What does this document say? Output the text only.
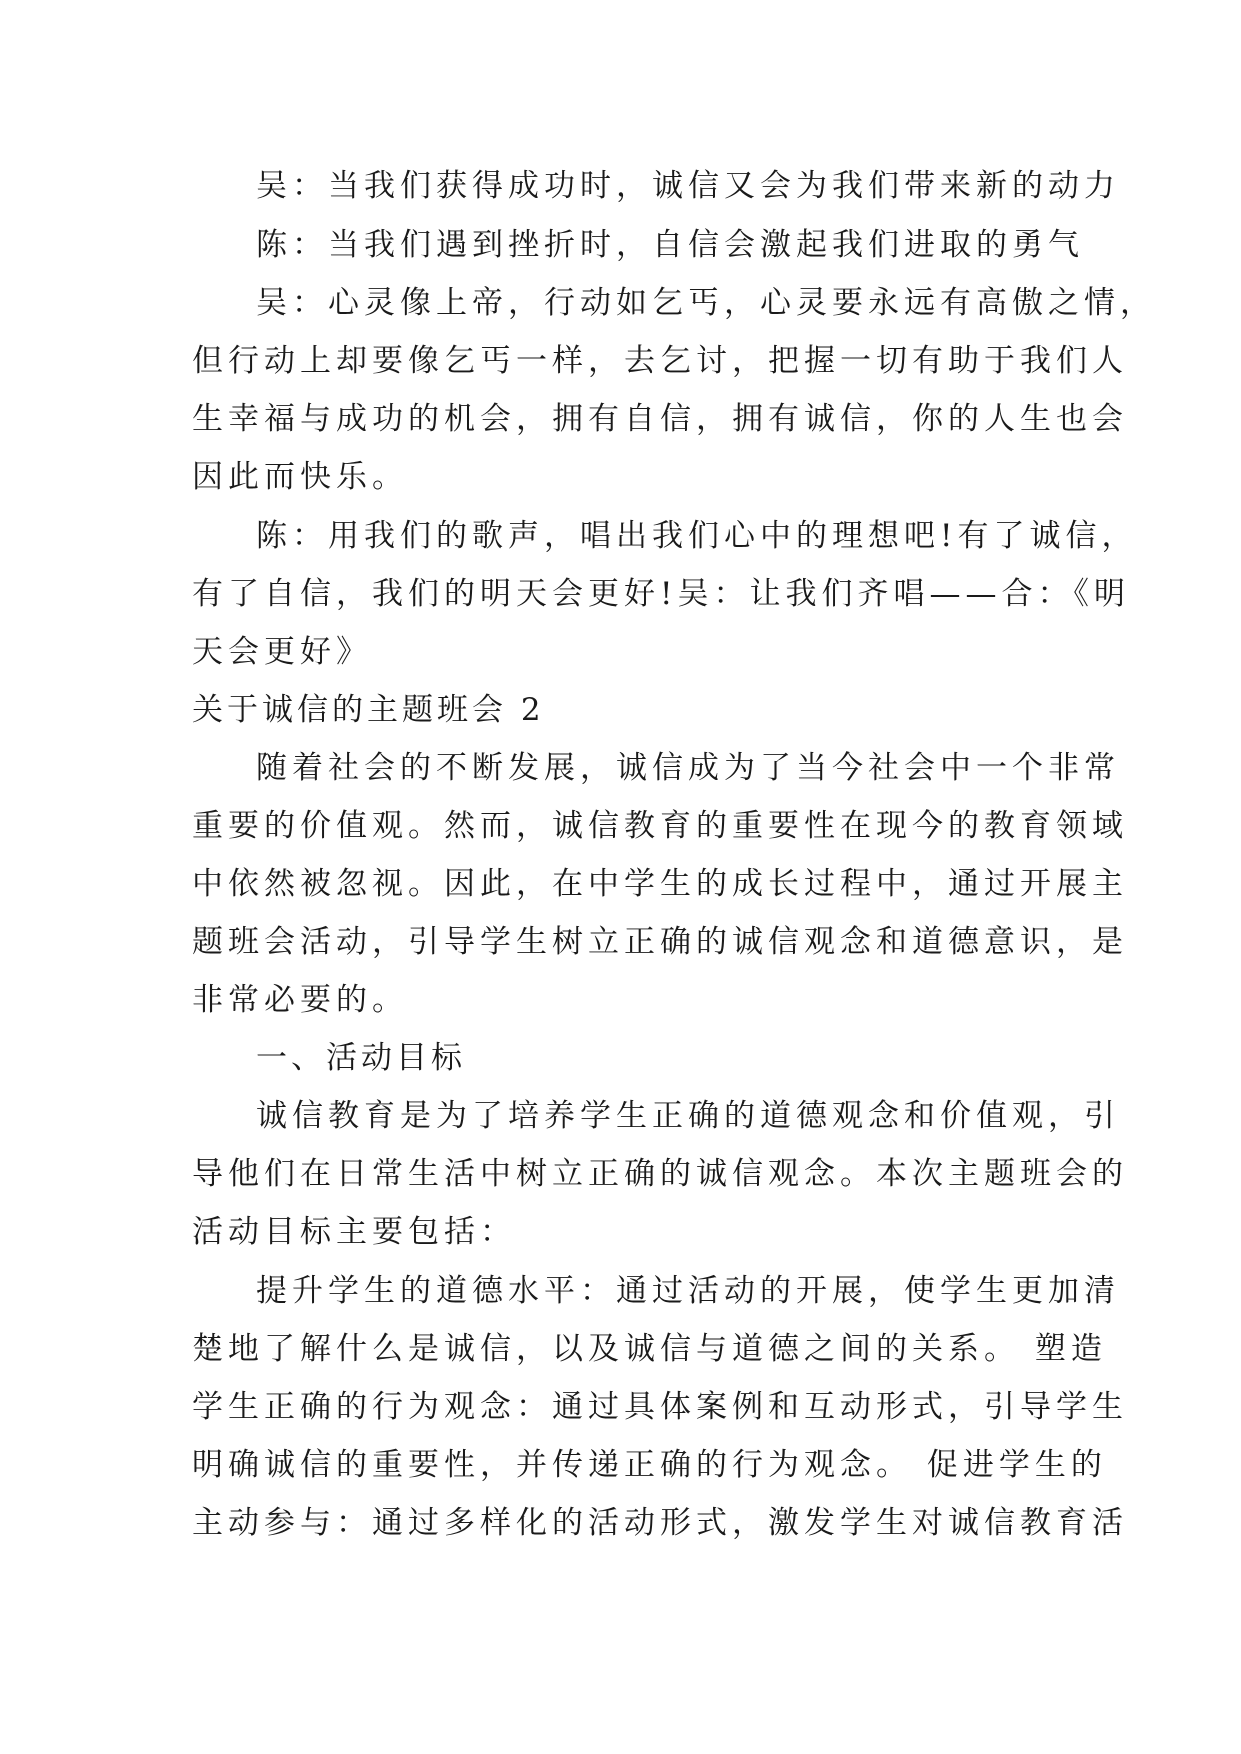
吴：当我们获得成功时，诚信又会为我们带来新的动力
陈：当我们遇到挫折时，自信会激起我们进取的勇气
吴：心灵像上帝，行动如乞丐，心灵要永远有高傲之情，
但行动上却要像乞丐一样，去乞讨，把握一切有助于我们人
生幸福与成功的机会，拥有自信，拥有诚信，你的人生也会
因此而快乐。
陈：用我们的歌声，唱出我们心中的理想吧!有了诚信，
有了自信，我们的明天会更好!吴：让我们齐唱——合：《明
天会更好》
关于诚信的主题班会 2
随着社会的不断发展，诚信成为了当今社会中一个非常
重要的价值观。然而，诚信教育的重要性在现今的教育领域
中依然被忽视。因此，在中学生的成长过程中，通过开展主
题班会活动，引导学生树立正确的诚信观念和道德意识，是
非常必要的。
一、活动目标
诚信教育是为了培养学生正确的道德观念和价值观，引
导他们在日常生活中树立正确的诚信观念。本次主题班会的
活动目标主要包括：
提升学生的道德水平：通过活动的开展，使学生更加清
楚地了解什么是诚信，以及诚信与道德之间的关系。 塑造
学生正确的行为观念：通过具体案例和互动形式，引导学生
明确诚信的重要性，并传递正确的行为观念。 促进学生的
主动参与：通过多样化的活动形式，激发学生对诚信教育活
